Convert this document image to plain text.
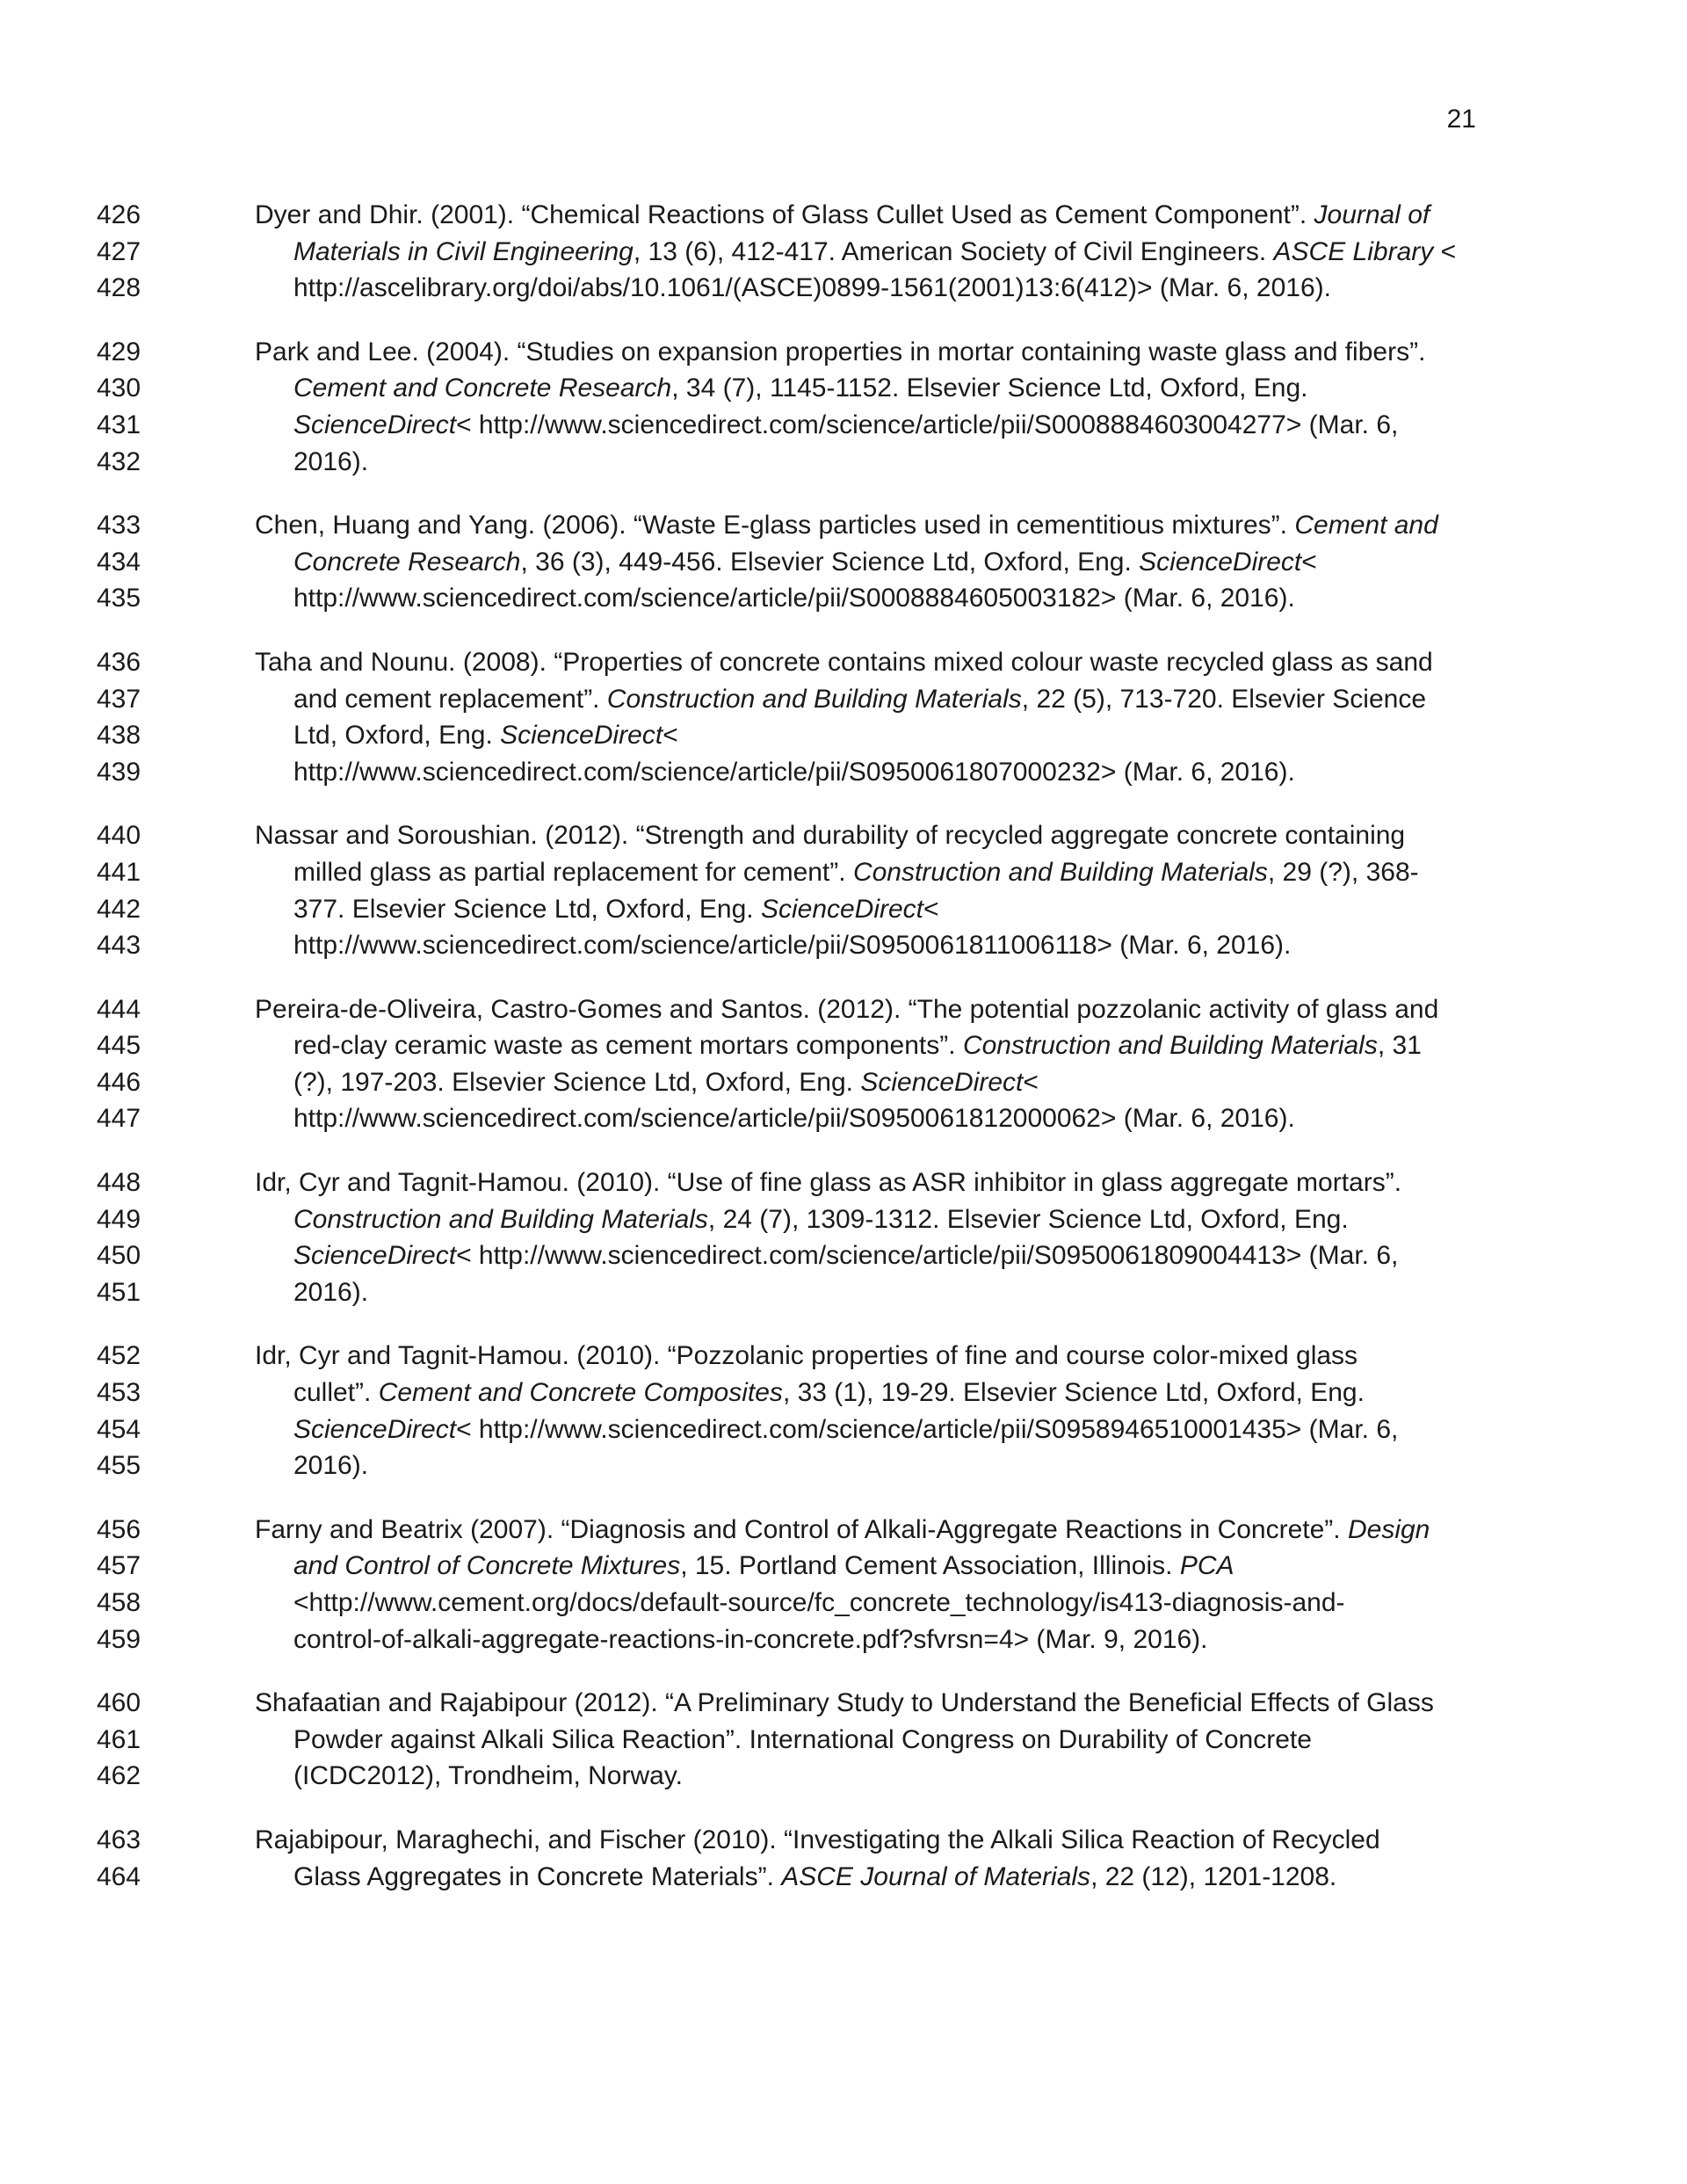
21
426	Dyer and Dhir. (2001). “Chemical Reactions of Glass Cullet Used as Cement Component”. Journal of
427	Materials in Civil Engineering, 13 (6), 412-417. American Society of Civil Engineers. ASCE Library <
428	http://ascelibrary.org/doi/abs/10.1061/(ASCE)0899-1561(2001)13:6(412)> (Mar. 6, 2016).
429	Park and Lee. (2004). “Studies on expansion properties in mortar containing waste glass and fibers”.
430	Cement and Concrete Research, 34 (7), 1145-1152. Elsevier Science Ltd, Oxford, Eng.
431	ScienceDirect< http://www.sciencedirect.com/science/article/pii/S0008884603004277> (Mar. 6,
432	2016).
433	Chen, Huang and Yang. (2006). “Waste E-glass particles used in cementitious mixtures”. Cement and
434	Concrete Research, 36 (3), 449-456. Elsevier Science Ltd, Oxford, Eng. ScienceDirect<
435	http://www.sciencedirect.com/science/article/pii/S0008884605003182> (Mar. 6, 2016).
436	Taha and Nounu. (2008). “Properties of concrete contains mixed colour waste recycled glass as sand
437	and cement replacement”. Construction and Building Materials, 22 (5), 713-720. Elsevier Science
438	Ltd, Oxford, Eng. ScienceDirect<
439	http://www.sciencedirect.com/science/article/pii/S0950061807000232> (Mar. 6, 2016).
440	Nassar and Soroushian. (2012). “Strength and durability of recycled aggregate concrete containing
441	milled glass as partial replacement for cement”. Construction and Building Materials, 29 (?), 368-
442	377. Elsevier Science Ltd, Oxford, Eng. ScienceDirect<
443	http://www.sciencedirect.com/science/article/pii/S0950061811006118> (Mar. 6, 2016).
444	Pereira-de-Oliveira, Castro-Gomes and Santos. (2012). “The potential pozzolanic activity of glass and
445	red-clay ceramic waste as cement mortars components”. Construction and Building Materials, 31
446	(?), 197-203. Elsevier Science Ltd, Oxford, Eng. ScienceDirect<
447	http://www.sciencedirect.com/science/article/pii/S0950061812000062> (Mar. 6, 2016).
448	Idr, Cyr and Tagnit-Hamou. (2010). “Use of fine glass as ASR inhibitor in glass aggregate mortars”.
449	Construction and Building Materials, 24 (7), 1309-1312. Elsevier Science Ltd, Oxford, Eng.
450	ScienceDirect< http://www.sciencedirect.com/science/article/pii/S0950061809004413> (Mar. 6,
451	2016).
452	Idr, Cyr and Tagnit-Hamou. (2010). “Pozzolanic properties of fine and course color-mixed glass
453	cullet”. Cement and Concrete Composites, 33 (1), 19-29. Elsevier Science Ltd, Oxford, Eng.
454	ScienceDirect< http://www.sciencedirect.com/science/article/pii/S0958946510001435> (Mar. 6,
455	2016).
456	Farny and Beatrix (2007). “Diagnosis and Control of Alkali-Aggregate Reactions in Concrete”. Design
457	and Control of Concrete Mixtures, 15. Portland Cement Association, Illinois. PCA
458	<http://www.cement.org/docs/default-source/fc_concrete_technology/is413-diagnosis-and-
459	control-of-alkali-aggregate-reactions-in-concrete.pdf?sfvrsn=4> (Mar. 9, 2016).
460	Shafaatian and Rajabipour (2012). “A Preliminary Study to Understand the Beneficial Effects of Glass
461	Powder against Alkali Silica Reaction”. International Congress on Durability of Concrete
462	(ICDC2012), Trondheim, Norway.
463	Rajabipour, Maraghechi, and Fischer (2010). “Investigating the Alkali Silica Reaction of Recycled
464	Glass Aggregates in Concrete Materials”. ASCE Journal of Materials, 22 (12), 1201-1208.
